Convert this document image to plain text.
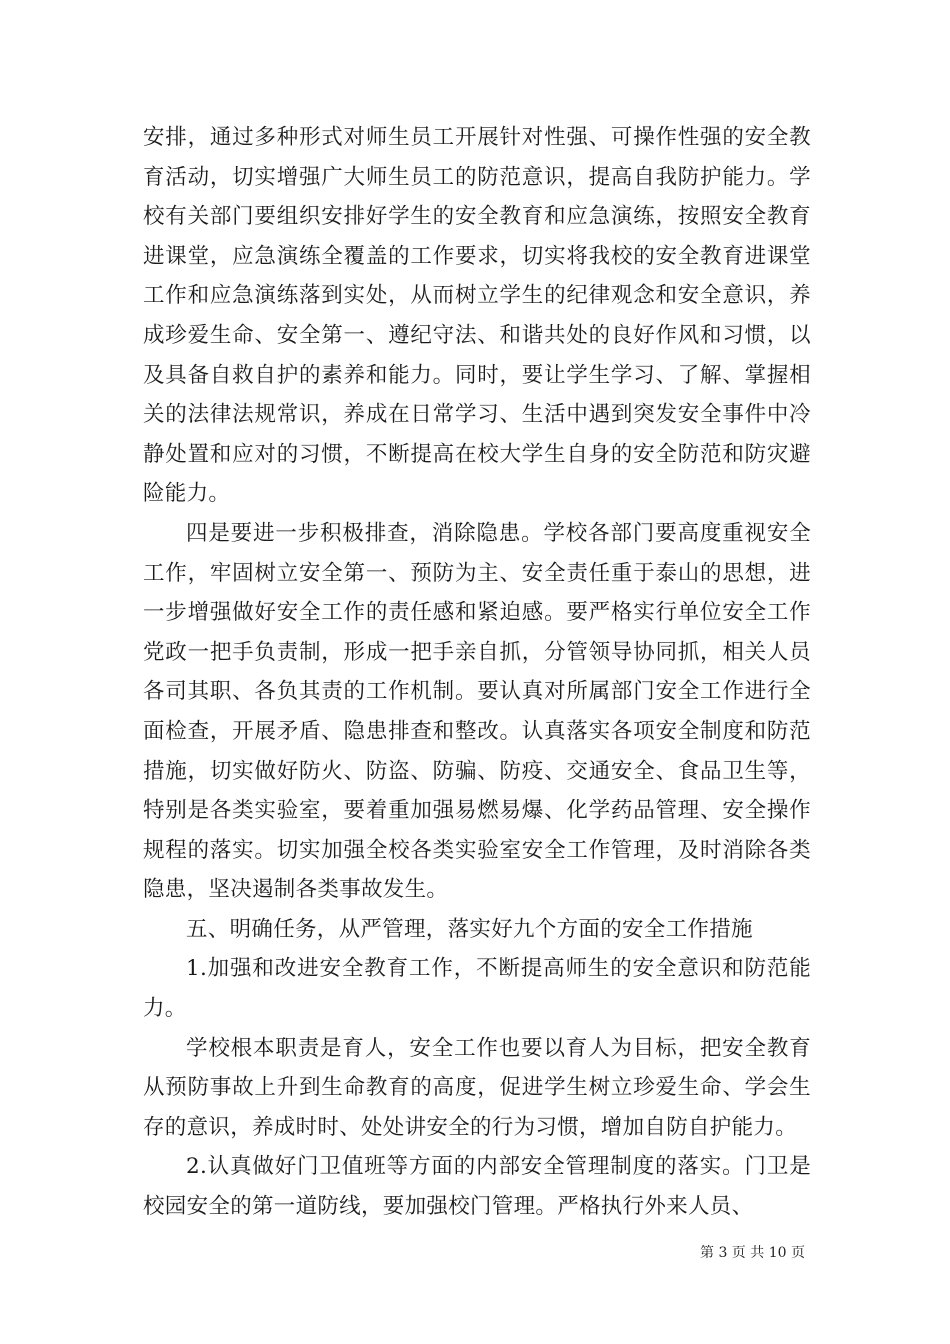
安排，通过多种形式对师生员工开展针对性强、可操作性强的安全教育活动，切实增强广大师生员工的防范意识，提高自我防护能力。学校有关部门要组织安排好学生的安全教育和应急演练，按照安全教育进课堂，应急演练全覆盖的工作要求，切实将我校的安全教育进课堂工作和应急演练落到实处，从而树立学生的纪律观念和安全意识，养成珍爱生命、安全第一、遵纪守法、和谐共处的良好作风和习惯，以及具备自救自护的素养和能力。同时，要让学生学习、了解、掌握相关的法律法规常识，养成在日常学习、生活中遇到突发安全事件中冷静处置和应对的习惯，不断提高在校大学生自身的安全防范和防灾避险能力。

四是要进一步积极排查，消除隐患。学校各部门要高度重视安全工作，牢固树立安全第一、预防为主、安全责任重于泰山的思想，进一步增强做好安全工作的责任感和紧迫感。要严格实行单位安全工作党政一把手负责制，形成一把手亲自抓，分管领导协同抓，相关人员各司其职、各负其责的工作机制。要认真对所属部门安全工作进行全面检查，开展矛盾、隐患排查和整改。认真落实各项安全制度和防范措施，切实做好防火、防盗、防骗、防疫、交通安全、食品卫生等，特别是各类实验室，要着重加强易燃易爆、化学药品管理、安全操作规程的落实。切实加强全校各类实验室安全工作管理，及时消除各类隐患，坚决遏制各类事故发生。

五、明确任务，从严管理，落实好九个方面的安全工作措施

1.加强和改进安全教育工作，不断提高师生的安全意识和防范能力。

学校根本职责是育人，安全工作也要以育人为目标，把安全教育从预防事故上升到生命教育的高度，促进学生树立珍爱生命、学会生存的意识，养成时时、处处讲安全的行为习惯，增加自防自护能力。

2.认真做好门卫值班等方面的内部安全管理制度的落实。门卫是校园安全的第一道防线，要加强校门管理。严格执行外来人员、

第 3 页 共 10 页
